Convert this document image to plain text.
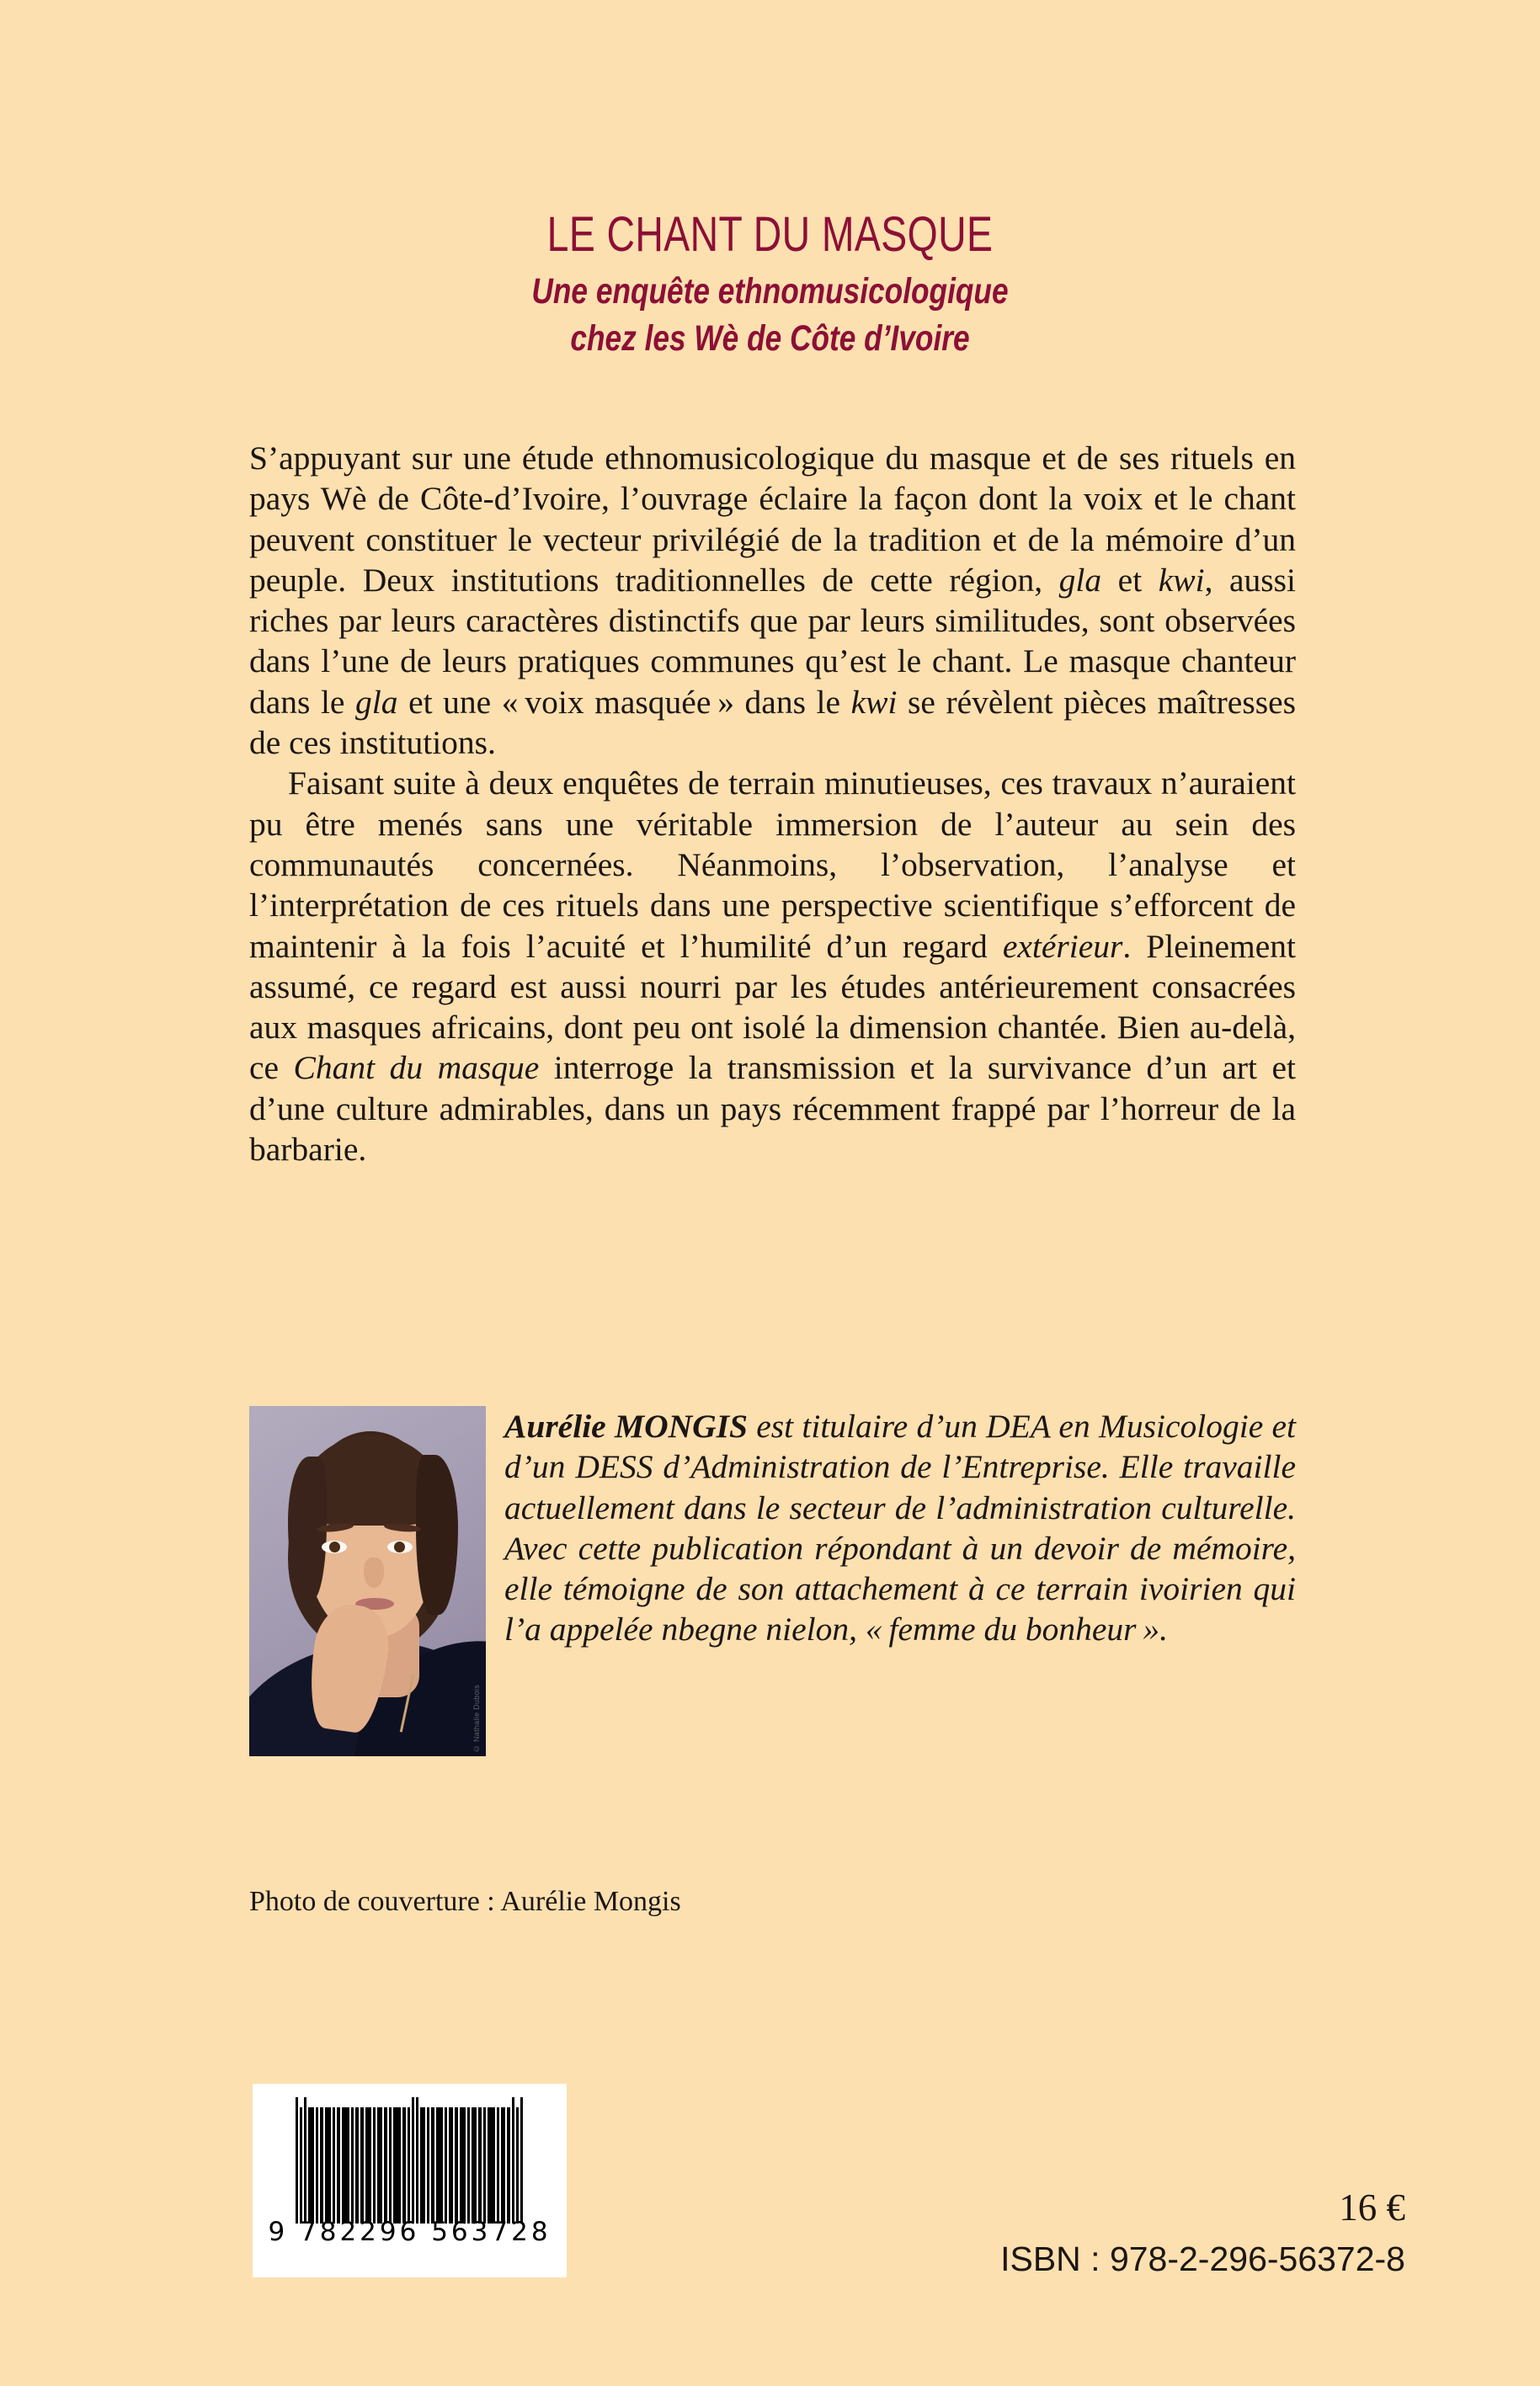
LE CHANT DU MASQUE
Une enquête ethnomusicologique
chez les Wè de Côte d’Ivoire

S’appuyant sur une étude ethnomusicologique du masque et de ses rituels en pays Wè de Côte-d’Ivoire, l’ouvrage éclaire la façon dont la voix et le chant peuvent constituer le vecteur privilégié de la tradition et de la mémoire d’un peuple. Deux institutions traditionnelles de cette région, gla et kwi, aussi riches par leurs caractères distinctifs que par leurs similitudes, sont observées dans l’une de leurs pratiques communes qu’est le chant. Le masque chanteur dans le gla et une « voix masquée » dans le kwi se révèlent pièces maîtresses de ces institutions.

Faisant suite à deux enquêtes de terrain minutieuses, ces travaux n’auraient pu être menés sans une véritable immersion de l’auteur au sein des communautés concernées. Néanmoins, l’observation, l’analyse et l’interprétation de ces rituels dans une perspective scientifique s’efforcent de maintenir à la fois l’acuité et l’humilité d’un regard extérieur. Pleinement assumé, ce regard est aussi nourri par les études antérieurement consacrées aux masques africains, dont peu ont isolé la dimension chantée. Bien au-delà, ce Chant du masque interroge la transmission et la survivance d’un art et d’une culture admirables, dans un pays récemment frappé par l’horreur de la barbarie.

© Nathalie Dubois
Aurélie MONGIS est titulaire d’un DEA en Musicologie et d’un DESS d’Administration de l’Entreprise. Elle travaille actuellement dans le secteur de l’administration culturelle. Avec cette publication répondant à un devoir de mémoire, elle témoigne de son attachement à ce terrain ivoirien qui l’a appelée nbegne nielon, « femme du bonheur ».
Photo de couverture : Aurélie Mongis
9 782296 563728
16 €
ISBN : 978-2-296-56372-8
